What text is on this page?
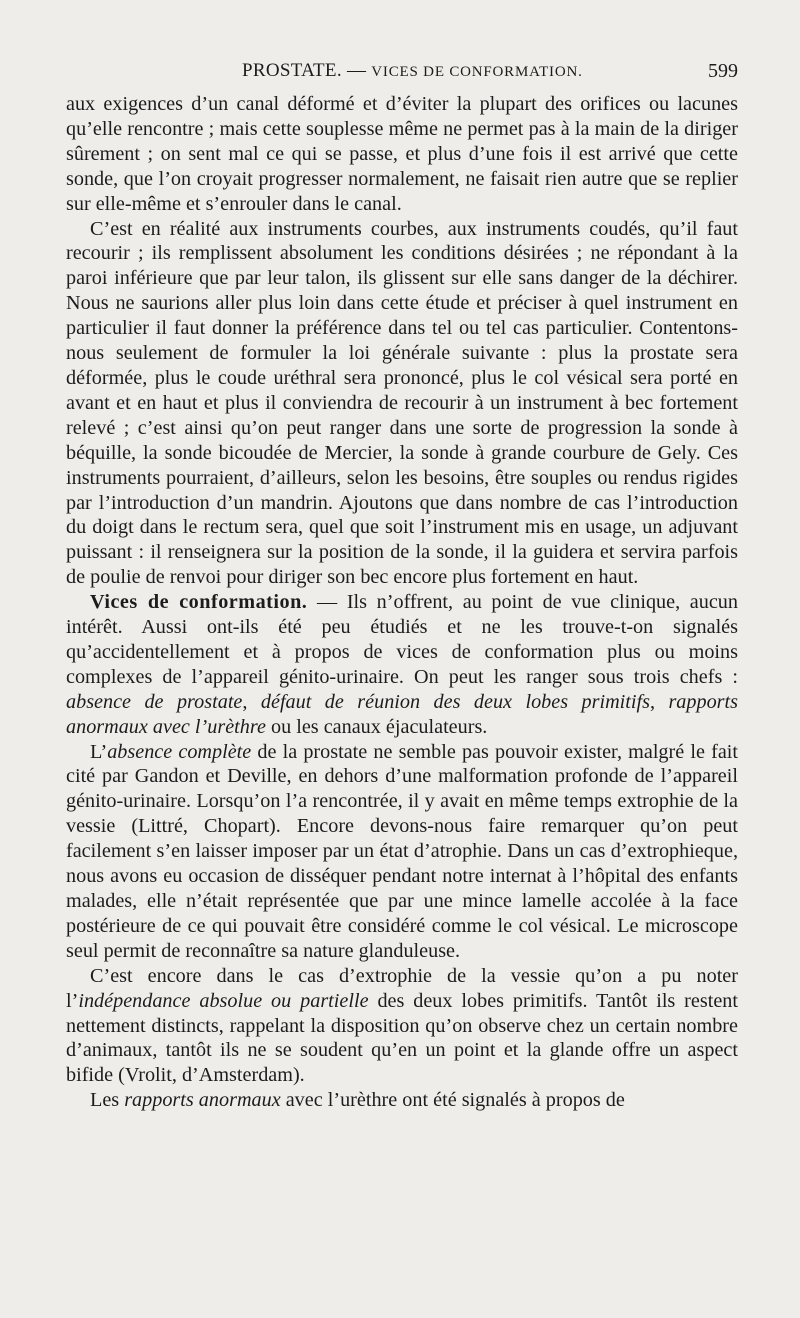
PROSTATE. — VICES DE CONFORMATION.	599

aux exigences d’un canal déformé et d’éviter la plupart des orifices ou lacunes qu’elle rencontre ; mais cette souplesse même ne permet pas à la main de la diriger sûrement ; on sent mal ce qui se passe, et plus d’une fois il est arrivé que cette sonde, que l’on croyait progresser normalement, ne faisait rien autre que se replier sur elle-même et s’enrouler dans le canal.

C’est en réalité aux instruments courbes, aux instruments coudés, qu’il faut recourir ; ils remplissent absolument les conditions désirées ; ne répondant à la paroi inférieure que par leur talon, ils glissent sur elle sans danger de la déchirer. Nous ne saurions aller plus loin dans cette étude et préciser à quel instrument en particulier il faut donner la préférence dans tel ou tel cas particulier. Contentons-nous seulement de formuler la loi générale suivante : plus la prostate sera déformée, plus le coude uréthral sera prononcé, plus le col vésical sera porté en avant et en haut et plus il conviendra de recourir à un instrument à bec fortement relevé ; c’est ainsi qu’on peut ranger dans une sorte de progression la sonde à béquille, la sonde bicoudée de Mercier, la sonde à grande courbure de Gely. Ces instruments pourraient, d’ailleurs, selon les besoins, être souples ou rendus rigides par l’introduction d’un mandrin. Ajoutons que dans nombre de cas l’introduction du doigt dans le rectum sera, quel que soit l’instrument mis en usage, un adjuvant puissant : il renseignera sur la position de la sonde, il la guidera et servira parfois de poulie de renvoi pour diriger son bec encore plus fortement en haut.

Vices de conformation. — Ils n’offrent, au point de vue clinique, aucun intérêt. Aussi ont-ils été peu étudiés et ne les trouve-t-on signalés qu’accidentellement et à propos de vices de conformation plus ou moins complexes de l’appareil génito-urinaire. On peut les ranger sous trois chefs : absence de prostate, défaut de réunion des deux lobes primitifs, rapports anormaux avec l’urèthre ou les canaux éjaculateurs.

L’absence complète de la prostate ne semble pas pouvoir exister, malgré le fait cité par Gandon et Deville, en dehors d’une malformation profonde de l’appareil génito-urinaire. Lorsqu’on l’a rencontrée, il y avait en même temps extrophie de la vessie (Littré, Chopart). Encore devons-nous faire remarquer qu’on peut facilement s’en laisser imposer par un état d’atrophie. Dans un cas d’extrophieque, nous avons eu occasion de disséquer pendant notre internat à l’hôpital des enfants malades, elle n’était représentée que par une mince lamelle accolée à la face postérieure de ce qui pouvait être considéré comme le col vésical. Le microscope seul permit de reconnaître sa nature glanduleuse.

C’est encore dans le cas d’extrophie de la vessie qu’on a pu noter l’indépendance absolue ou partielle des deux lobes primitifs. Tantôt ils restent nettement distincts, rappelant la disposition qu’on observe chez un certain nombre d’animaux, tantôt ils ne se soudent qu’en un point et la glande offre un aspect bifide (Vrolit, d’Amsterdam).

Les rapports anormaux avec l’urèthre ont été signalés à propos de
